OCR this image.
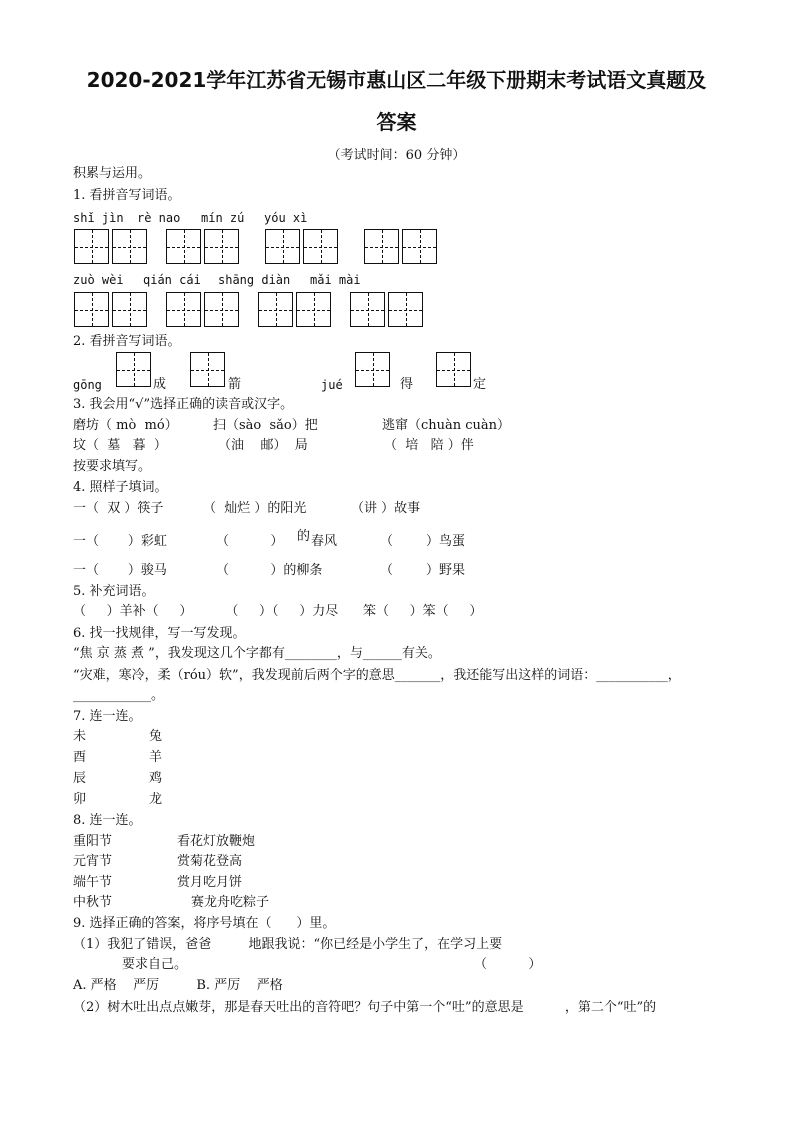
2020-2021学年江苏省无锡市惠山区二年级下册期末考试语文真题及
答案
（考试时间：60 分钟）
积累与运用。
1. 看拼音写词语。
shǐ jìn rè nao mín zú yóu xì
zuò wèi qián cái shāng diàn mǎi mài
2. 看拼音写词语。
gōng	成	箭	jué	得	定
3. 我会用“√”选择正确的读音或汉字。
磨坊（ mò  mó）	扫（sào  sǎo）把	逃窜（chuàn cuàn）
坟（  墓   暮  ）	（油    邮）  局	（  培   陪 ）伴
按要求填写。
4. 照样子填词。
一（  双 ）筷子	（  灿烂 ）的阳光	（讲 ）故事
一（       ）彩虹	（          ） 的 春风	（        ）鸟蛋
一（       ）骏马	（          ）的柳条	（        ）野果
5. 补充词语。
（     ）羊补（     ）        （     ）（     ）力尽      笨（     ）笨（     ）
6. 找一找规律，写一写发现。
“焦 京 蒸 煮 ”，我发现这几个字都有________，与______有关。
“灾难，寒冷，柔（róu）软”，我发现前后两个字的意思_______，我还能写出这样的词语：___________，
____________。
7. 连一连。
未	兔
酉	羊
辰	鸡
卯	龙
8. 连一连。
重阳节	看花灯放鞭炮
元宵节	赏菊花登高
端午节	赏月吃月饼
中秋节	赛龙舟吃粽子
9. 选择正确的答案，将序号填在（      ）里。
（1）我犯了错误，爸爸         地跟我说：“你已经是小学生了，在学习上要
要求自己。	（          ）
A. 严格    严厉         B. 严厉    严格
（2）树木吐出点点嫩芽，那是春天吐出的音符吧？句子中第一个“吐”的意思是          ，第二个“吐”的
